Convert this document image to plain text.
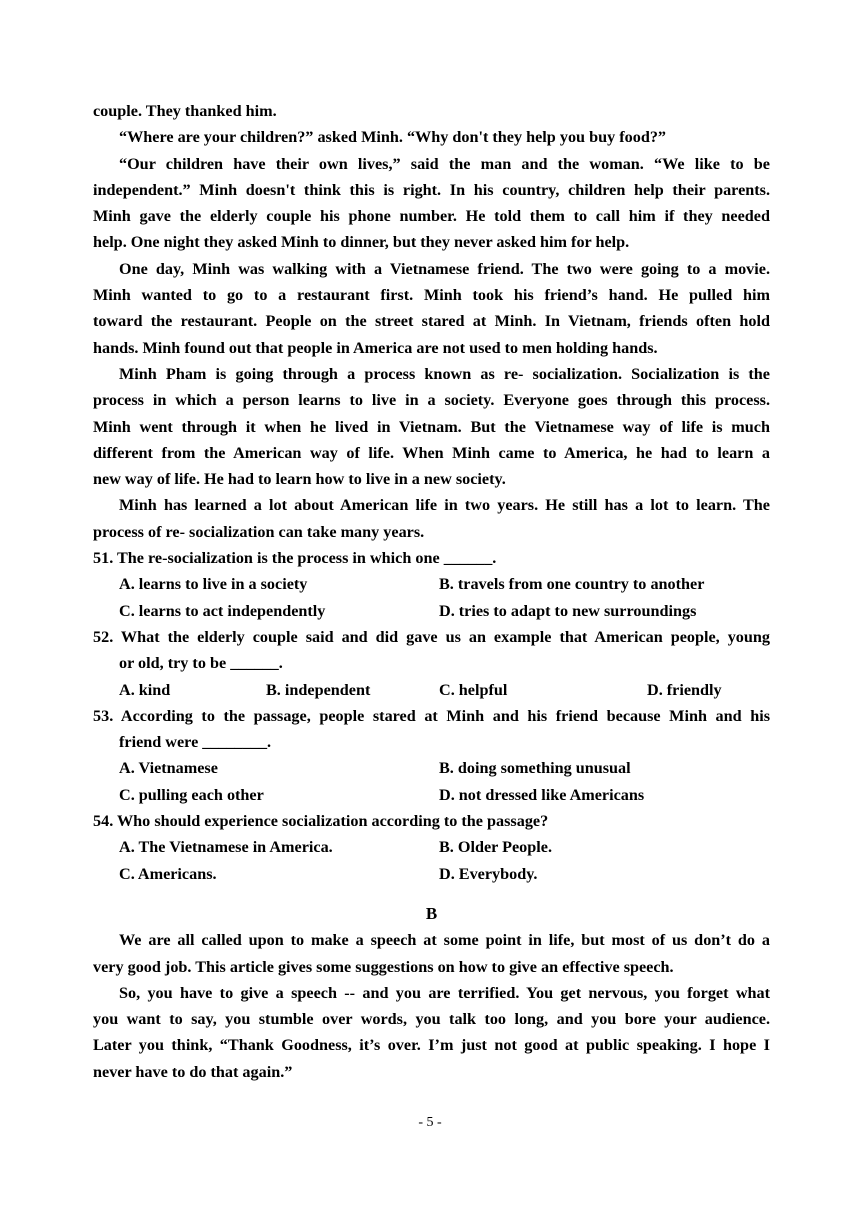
couple. They thanked him.
“Where are your children?” asked Minh. “Why don't they help you buy food?”
“Our children have their own lives,” said the man and the woman. “We like to be
independent.” Minh doesn't think this is right. In his country, children help their parents.
Minh gave the elderly couple his phone number. He told them to call him if they needed
help. One night they asked Minh to dinner, but they never asked him for help.
One day, Minh was walking with a Vietnamese friend. The two were going to a movie.
Minh wanted to go to a restaurant first. Minh took his friend’s hand. He pulled him
toward the restaurant. People on the street stared at Minh. In Vietnam, friends often hold
hands. Minh found out that people in America are not used to men holding hands.
Minh Pham is going through a process known as re- socialization. Socialization is the
process in which a person learns to live in a society. Everyone goes through this process.
Minh went through it when he lived in Vietnam. But the Vietnamese way of life is much
different from the American way of life. When Minh came to America, he had to learn a
new way of life. He had to learn how to live in a new society.
Minh has learned a lot about American life in two years. He still has a lot to learn. The
process of re- socialization can take many years.
51. The re-socialization is the process in which one ______.
A. learns to live in a society	B. travels from one country to another
C. learns to act independently	D. tries to adapt to new surroundings
52. What the elderly couple said and did gave us an example that American people, young
or old, try to be ______.
A. kind	B. independent	C. helpful	D. friendly
53. According to the passage, people stared at Minh and his friend because Minh and his
friend were ________.
A. Vietnamese	B. doing something unusual
C. pulling each other	D. not dressed like Americans
54. Who should experience socialization according to the passage?
A. The Vietnamese in America.	B. Older People.
C. Americans.	D. Everybody.
B
We are all called upon to make a speech at some point in life, but most of us don’t do a
very good job. This article gives some suggestions on how to give an effective speech.
So, you have to give a speech -- and you are terrified. You get nervous, you forget what
you want to say, you stumble over words, you talk too long, and you bore your audience.
Later you think, “Thank Goodness, it’s over. I’m just not good at public speaking. I hope I
never have to do that again.”
- 5 -
